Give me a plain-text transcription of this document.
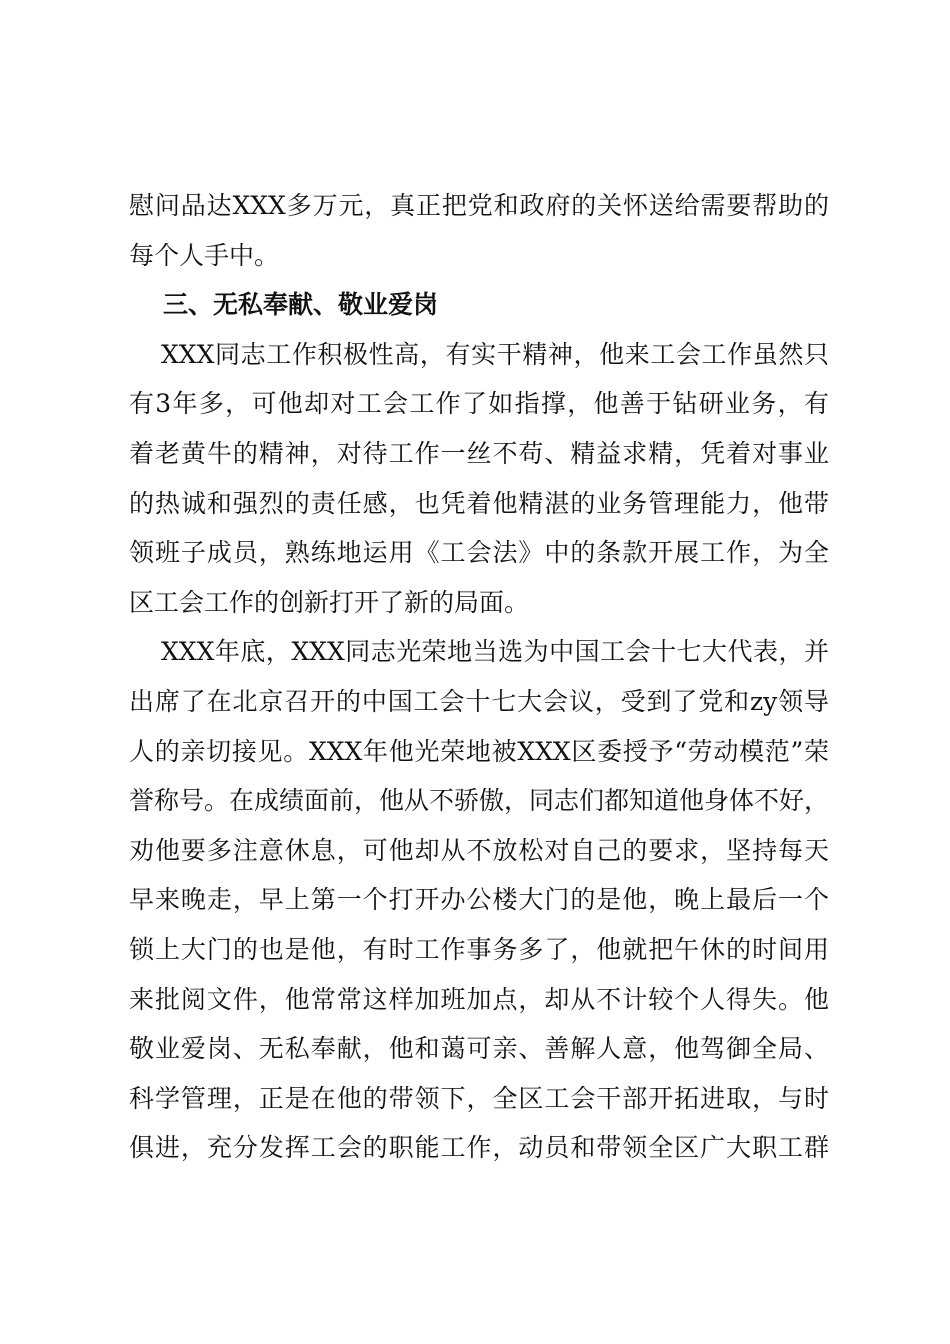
慰问品达XXX多万元，真正把党和政府的关怀送给需要帮助的
每个人手中。
三、无私奉献、敬业爱岗
XXX同志工作积极性高，有实干精神，他来工会工作虽然只
有3年多，可他却对工会工作了如指撑，他善于钻研业务，有
着老黄牛的精神，对待工作一丝不苟、精益求精，凭着对事业
的热诚和强烈的责任感，也凭着他精湛的业务管理能力，他带
领班子成员，熟练地运用《工会法》中的条款开展工作，为全
区工会工作的创新打开了新的局面。
XXX年底，XXX同志光荣地当选为中国工会十七大代表，并
出席了在北京召开的中国工会十七大会议，受到了党和zy领导
人的亲切接见。XXX年他光荣地被XXX区委授予“劳动模范”荣
誉称号。在成绩面前，他从不骄傲，同志们都知道他身体不好，
劝他要多注意休息，可他却从不放松对自己的要求，坚持每天
早来晚走，早上第一个打开办公楼大门的是他，晚上最后一个
锁上大门的也是他，有时工作事务多了，他就把午休的时间用
来批阅文件，他常常这样加班加点，却从不计较个人得失。他
敬业爱岗、无私奉献，他和蔼可亲、善解人意，他驾御全局、
科学管理，正是在他的带领下，全区工会干部开拓进取，与时
俱进，充分发挥工会的职能工作，动员和带领全区广大职工群
